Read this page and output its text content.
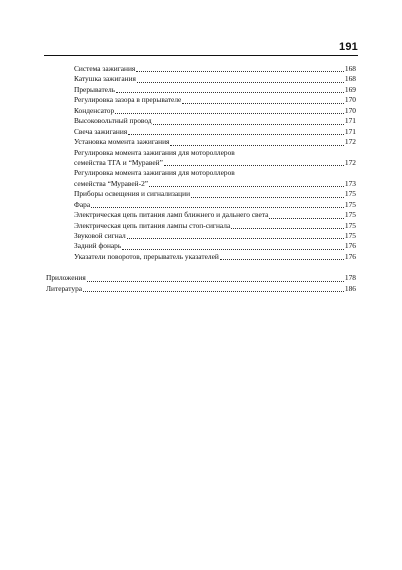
191
Система зажигания	168
Катушка зажигания	168
Прерыватель	169
Регулировка зазора в прерывателе	170
Конденсатор	170
Высоковольтный провод	171
Свеча зажигания	171
Установка момента зажигания	172
Регулировка момента зажигания для мотороллеров
семейства ТГА и “Муравей”	172
Регулировка момента зажигания для мотороллеров
семейства “Муравей-2”	173
Приборы освещения и сигнализации	175
Фара	175
Электрическая цепь питания ламп ближнего и дальнего света	175
Электрическая цепь питания лампы стоп-сигнала	175
Звуковой сигнал	175
Задний фонарь	176
Указатели поворотов, прерыватель указателей	176
Приложения	178
Литература	186
